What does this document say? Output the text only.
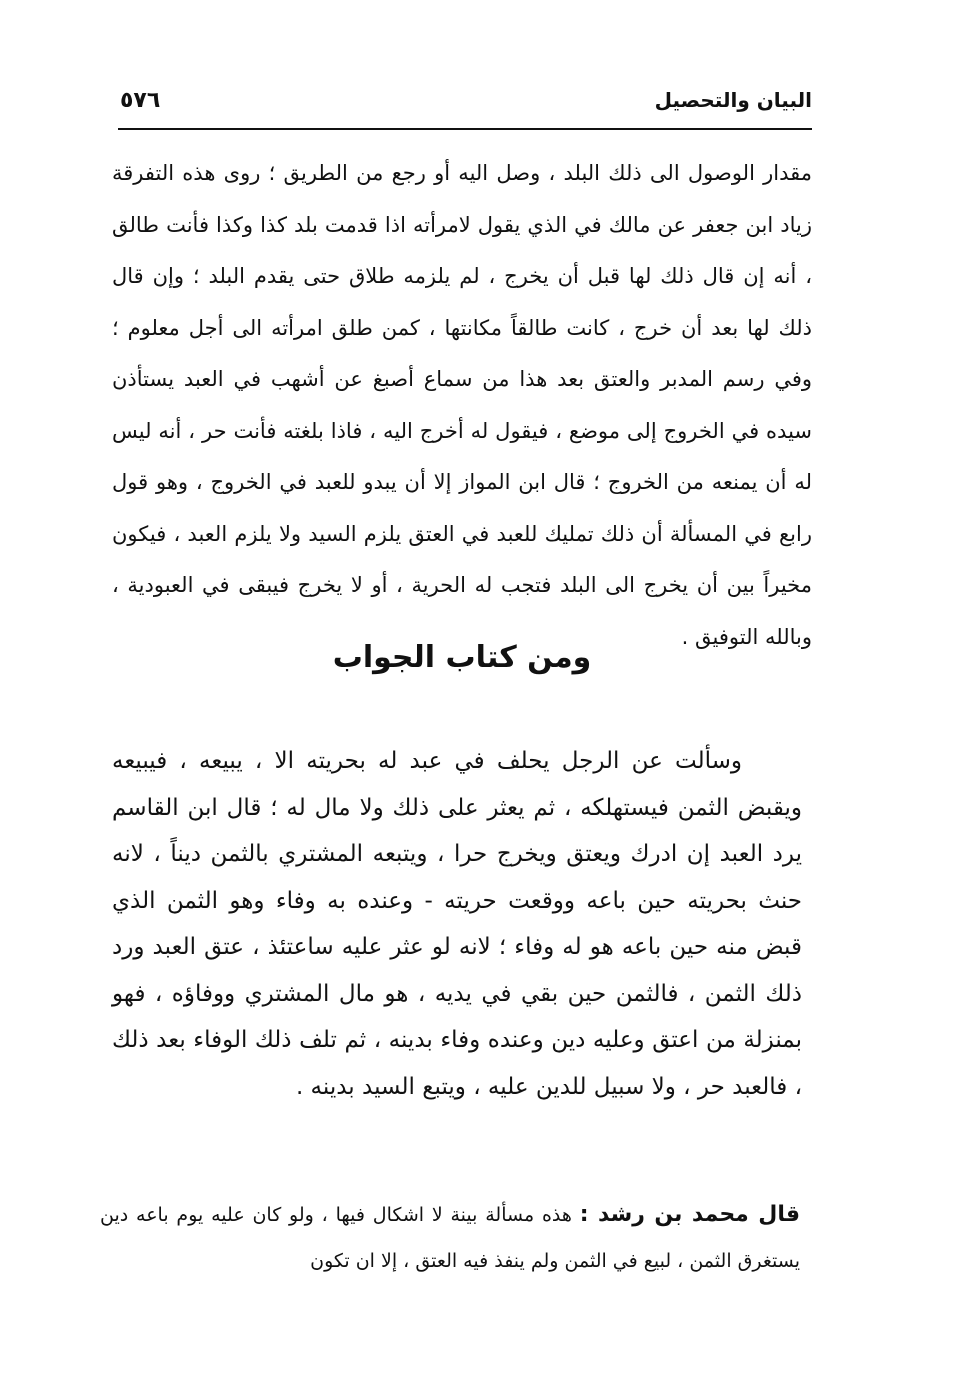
البيان والتحصيل
٥٧٦

مقدار الوصول الى ذلك البلد ، وصل اليه أو رجع من الطريق ؛ روى هذه التفرقة زياد ابن جعفر عن مالك في الذي يقول لامرأته اذا قدمت بلد كذا وكذا فأنت طالق ، أنه إن قال ذلك لها قبل أن يخرج ، لم يلزمه طلاق حتى يقدم البلد ؛ وإن قال ذلك لها بعد أن خرج ، كانت طالقاً مكانتها ، كمن طلق امرأته الى أجل معلوم ؛ وفي رسم المدبر والعتق بعد هذا من سماع أصبغ عن أشهب في العبد يستأذن سيده في الخروج إلى موضع ، فيقول له أخرج اليه ، فاذا بلغته فأنت حر ، أنه ليس له أن يمنعه من الخروج ؛ قال ابن المواز إلا أن يبدو للعبد في الخروج ، وهو قول رابع في المسألة أن ذلك تمليك للعبد في العتق يلزم السيد ولا يلزم العبد ، فيكون مخيراً بين أن يخرج الى البلد فتجب له الحرية ، أو لا يخرج فيبقى في العبودية ، وبالله التوفيق .

ومن كتاب الجواب

وسألت عن الرجل يحلف في عبد له بحريته الا ، يبيعه ، فيبيعه ويقبض الثمن فيستهلكه ، ثم يعثر على ذلك ولا مال له ؛ قال ابن القاسم يرد العبد إن ادرك ويعتق ويخرج حرا ، ويتبعه المشتري بالثمن ديناً ، لانه حنث بحريته حين باعه ووقعت حريته - وعنده به وفاء وهو الثمن الذي قبض منه حين باعه هو له وفاء ؛ لانه لو عثر عليه ساعتئذ ، عتق العبد ورد ذلك الثمن ، فالثمن حين بقي في يديه ، هو مال المشتري ووفاؤه ، فهو بمنزلة من اعتق وعليه دين وعنده وفاء بدينه ، ثم تلف ذلك الوفاء بعد ذلك ، فالعبد حر ، ولا سبيل للدين عليه ، ويتبع السيد بدينه .

قال محمد بن رشد : هذه مسألة بينة لا اشكال فيها ، ولو كان عليه يوم باعه دين يستغرق الثمن ، لبيع في الثمن ولم ينفذ فيه العتق ، إلا ان تكون
